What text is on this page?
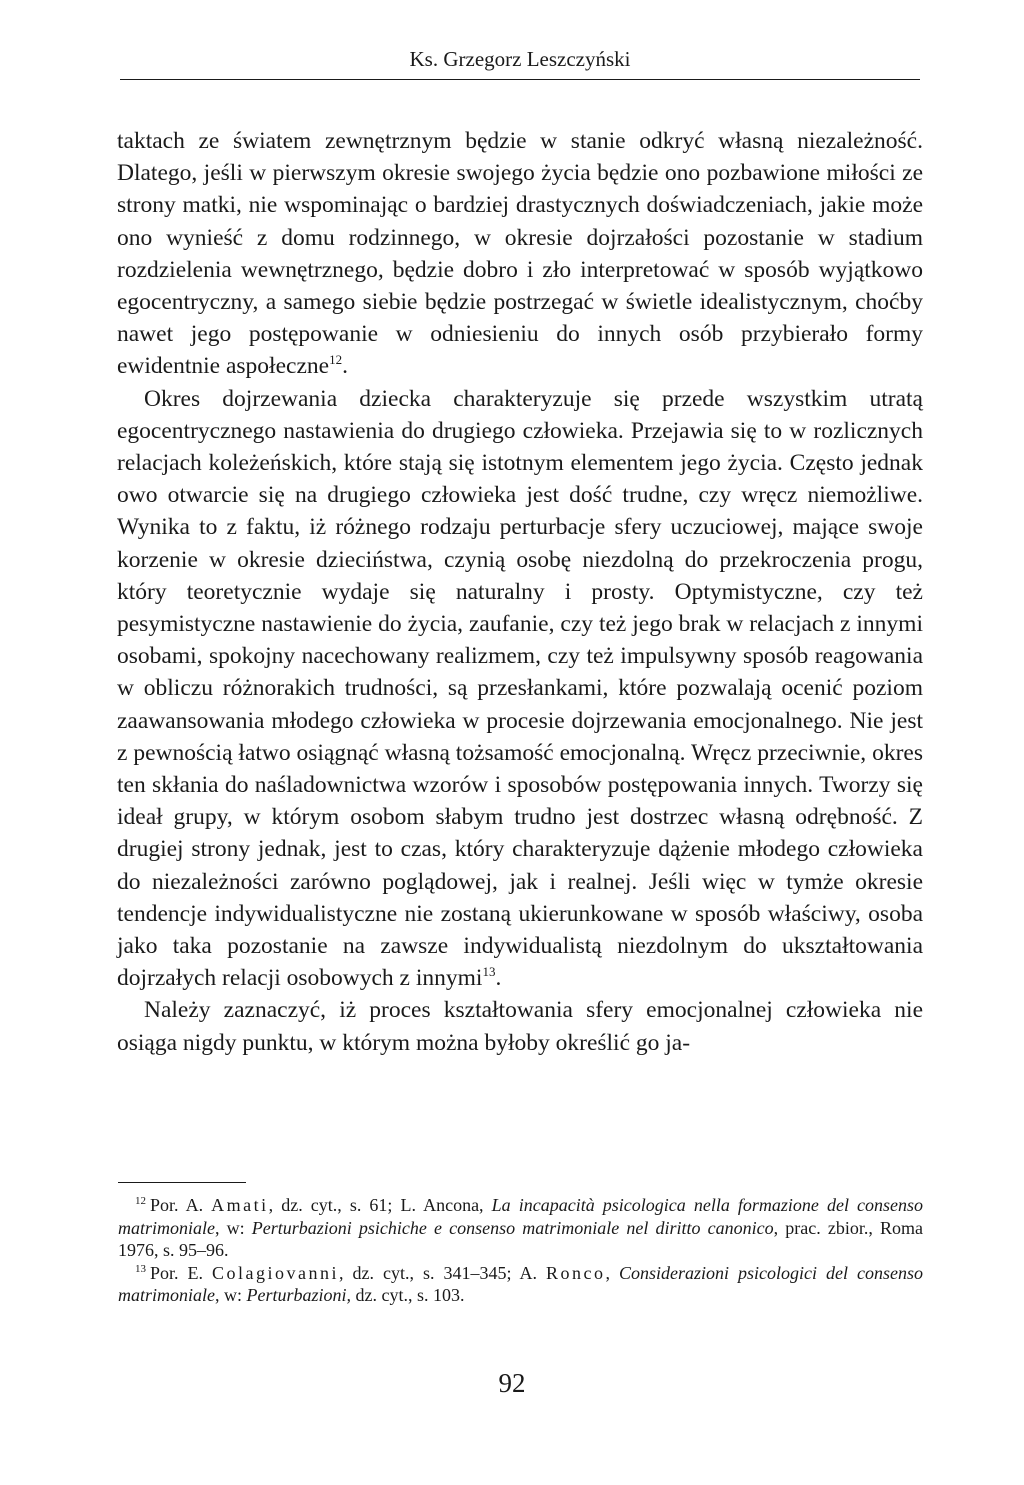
Ks. Grzegorz Leszczyński

taktach ze światem zewnętrznym będzie w stanie odkryć własną niezależność. Dlatego, jeśli w pierwszym okresie swojego życia będzie ono pozbawione miłości ze strony matki, nie wspominając o bardziej drastycznych doświadczeniach, jakie może ono wynieść z domu rodzinnego, w okresie dojrzałości pozostanie w stadium rozdzielenia wewnętrznego, będzie dobro i zło interpretować w sposób wyjątkowo egocentryczny, a samego siebie będzie postrzegać w świetle idealistycznym, choćby nawet jego postępowanie w odniesieniu do innych osób przybierało formy ewidentnie aspołeczne$^{12}$.

Okres dojrzewania dziecka charakteryzuje się przede wszystkim utratą egocentrycznego nastawienia do drugiego człowieka. Przejawia się to w rozlicznych relacjach koleżeńskich, które stają się istotnym elementem jego życia. Często jednak owo otwarcie się na drugiego człowieka jest dość trudne, czy wręcz niemożliwe. Wynika to z faktu, iż różnego rodzaju perturbacje sfery uczuciowej, mające swoje korzenie w okresie dzieciństwa, czynią osobę niezdolną do przekroczenia progu, który teoretycznie wydaje się naturalny i prosty. Optymistyczne, czy też pesymistyczne nastawienie do życia, zaufanie, czy też jego brak w relacjach z innymi osobami, spokojny nacechowany realizmem, czy też impulsywny sposób reagowania w obliczu różnorakich trudności, są przesłankami, które pozwalają ocenić poziom zaawansowania młodego człowieka w procesie dojrzewania emocjonalnego. Nie jest z pewnością łatwo osiągnąć własną tożsamość emocjonalną. Wręcz przeciwnie, okres ten skłania do naśladownictwa wzorów i sposobów postępowania innych. Tworzy się ideał grupy, w którym osobom słabym trudno jest dostrzec własną odrębność. Z drugiej strony jednak, jest to czas, który charakteryzuje dążenie młodego człowieka do niezależności zarówno poglądowej, jak i realnej. Jeśli więc w tymże okresie tendencje indywidualistyczne nie zostaną ukierunkowane w sposób właściwy, osoba jako taka pozostanie na zawsze indywidualistą niezdolnym do ukształtowania dojrzałych relacji osobowych z innymi$^{13}$.

Należy zaznaczyć, iż proces kształtowania sfery emocjonalnej człowieka nie osiąga nigdy punktu, w którym można byłoby określić go ja-

$^{12}$ Por. A. Amati, dz. cyt., s. 61; L. Ancona, La incapacità psicologica nella formazione del consenso matrimoniale, w: Perturbazioni psichiche e consenso matrimoniale nel diritto canonico, prac. zbior., Roma 1976, s. 95–96.

$^{13}$ Por. E. Colagiovanni, dz. cyt., s. 341–345; A. Ronco, Considerazioni psicologici del consenso matrimoniale, w: Perturbazioni, dz. cyt., s. 103.

92
